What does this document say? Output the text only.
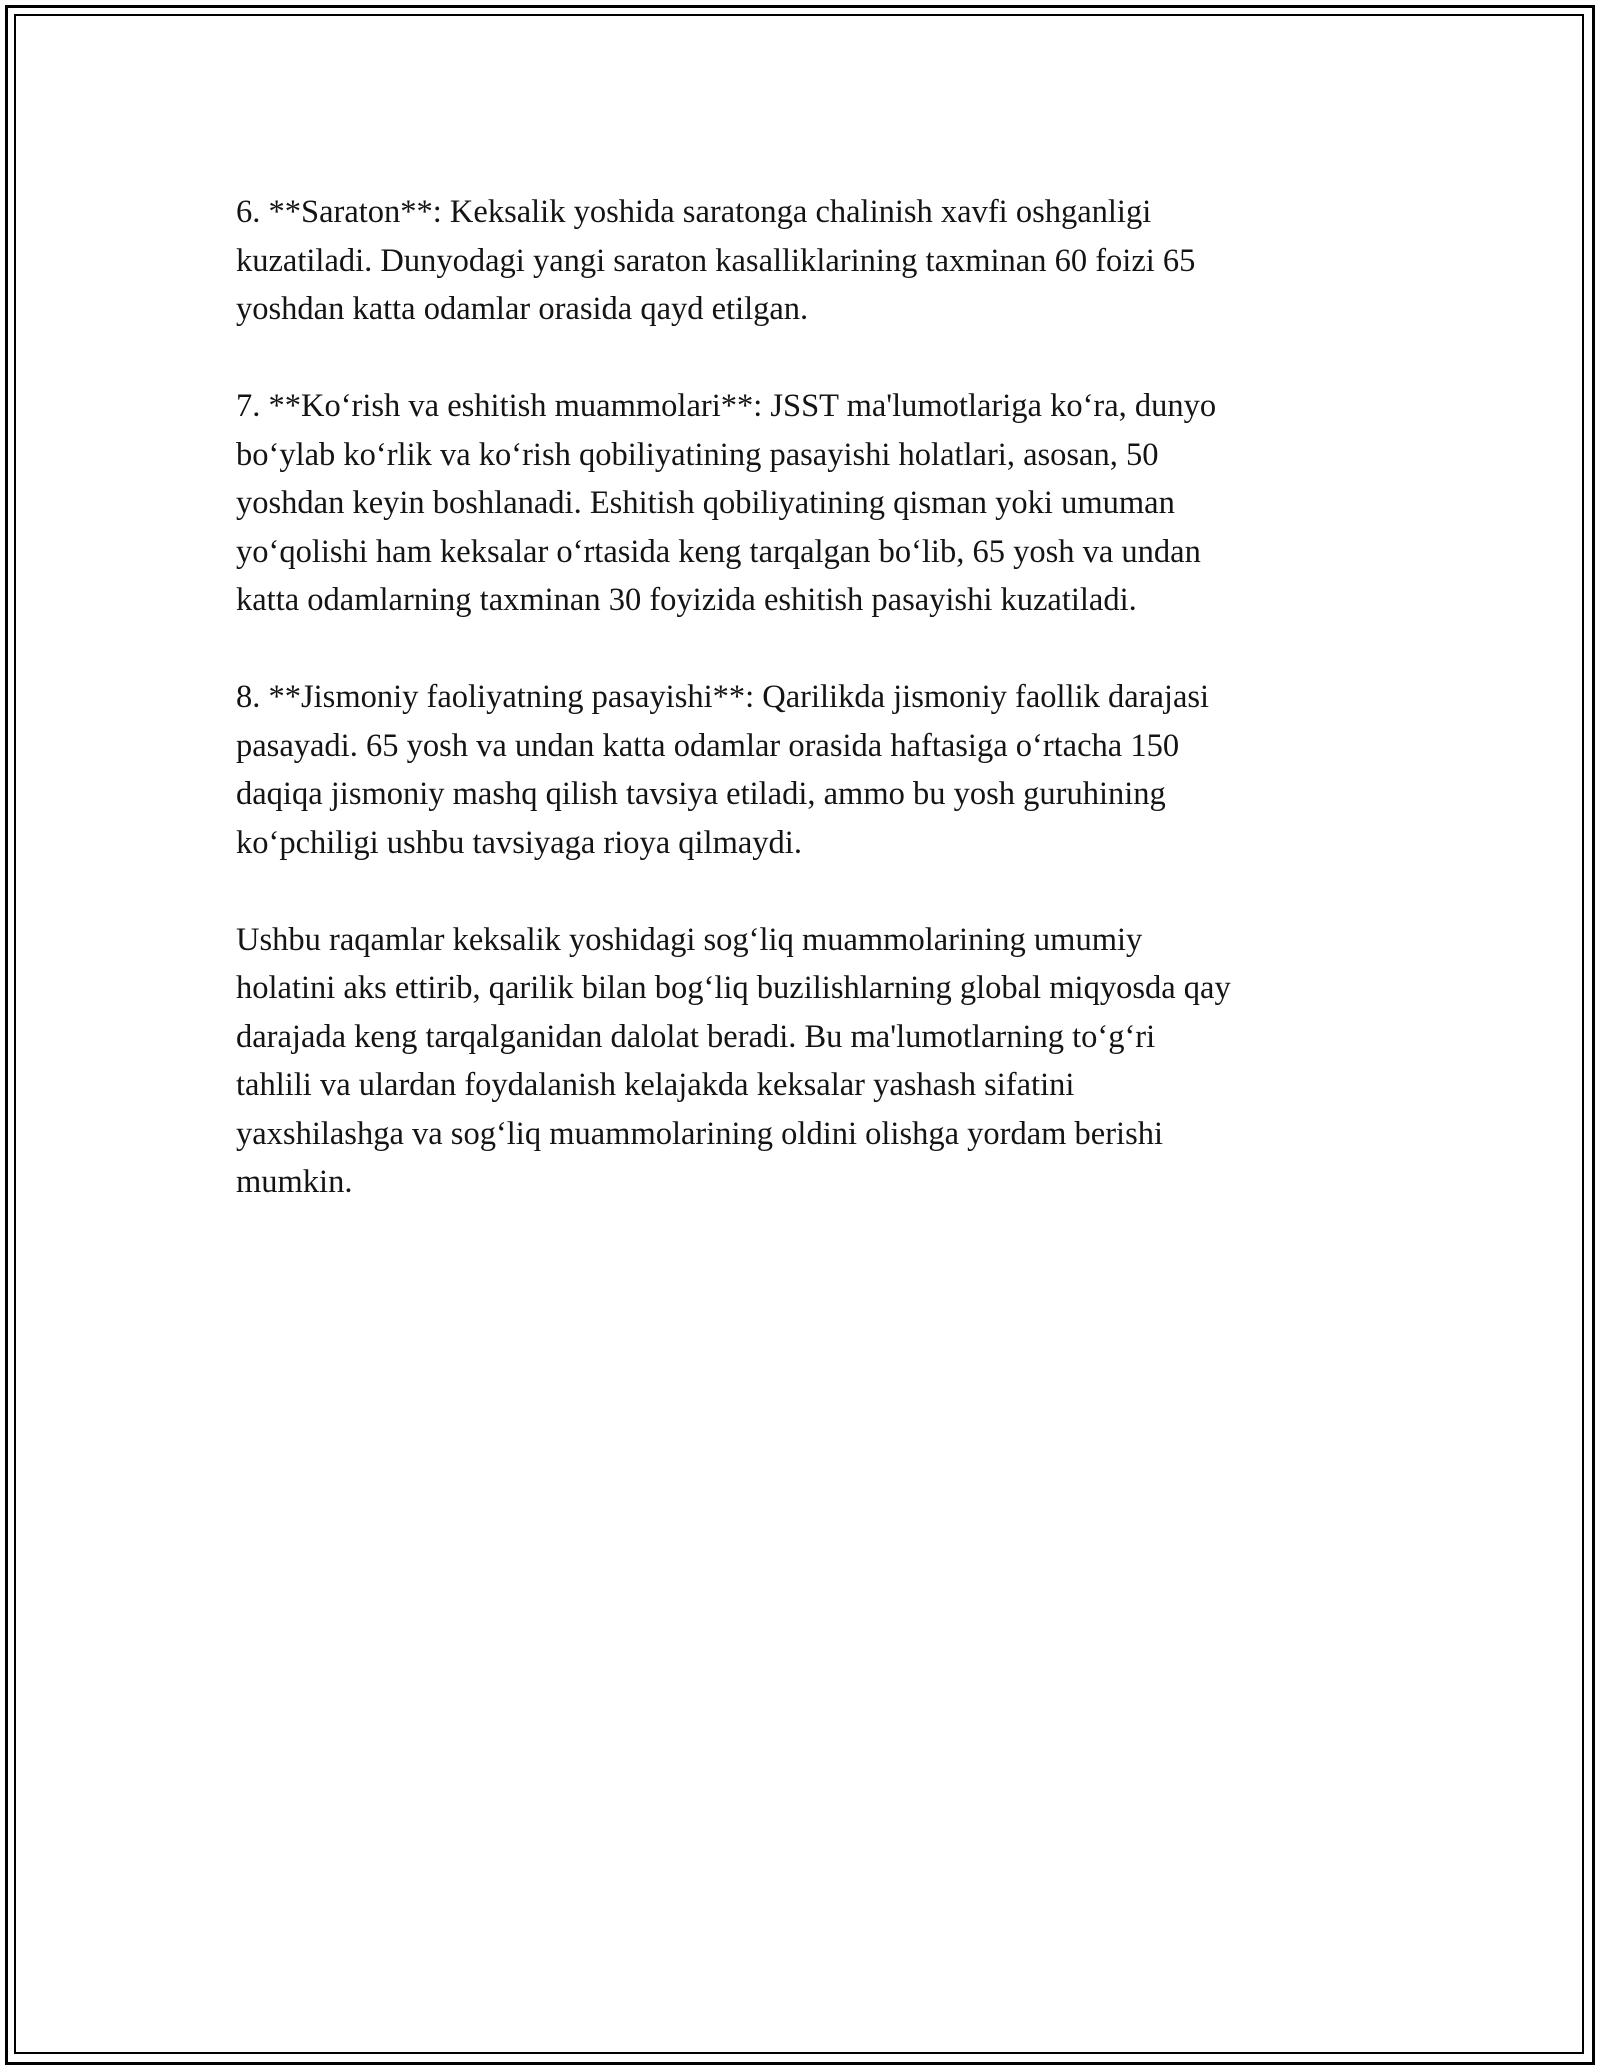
6. **Saraton**: Keksalik yoshida saratonga chalinish xavfi oshganligi
kuzatiladi. Dunyodagi yangi saraton kasalliklarining taxminan 60 foizi 65
yoshdan katta odamlar orasida qayd etilgan.

7. **Koʻrish va eshitish muammolari**: JSST ma'lumotlariga koʻra, dunyo
boʻylab koʻrlik va koʻrish qobiliyatining pasayishi holatlari, asosan, 50
yoshdan keyin boshlanadi. Eshitish qobiliyatining qisman yoki umuman
yoʻqolishi ham keksalar oʻrtasida keng tarqalgan boʻlib, 65 yosh va undan
katta odamlarning taxminan 30 foyizida eshitish pasayishi kuzatiladi.

8. **Jismoniy faoliyatning pasayishi**: Qarilikda jismoniy faollik darajasi
pasayadi. 65 yosh va undan katta odamlar orasida haftasiga oʻrtacha 150
daqiqa jismoniy mashq qilish tavsiya etiladi, ammo bu yosh guruhining
koʻpchiligi ushbu tavsiyaga rioya qilmaydi.

Ushbu raqamlar keksalik yoshidagi sogʻliq muammolarining umumiy
holatini aks ettirib, qarilik bilan bogʻliq buzilishlarning global miqyosda qay
darajada keng tarqalganidan dalolat beradi. Bu ma'lumotlarning toʻgʻri
tahlili va ulardan foydalanish kelajakda keksalar yashash sifatini
yaxshilashga va sogʻliq muammolarining oldini olishga yordam berishi
mumkin.
